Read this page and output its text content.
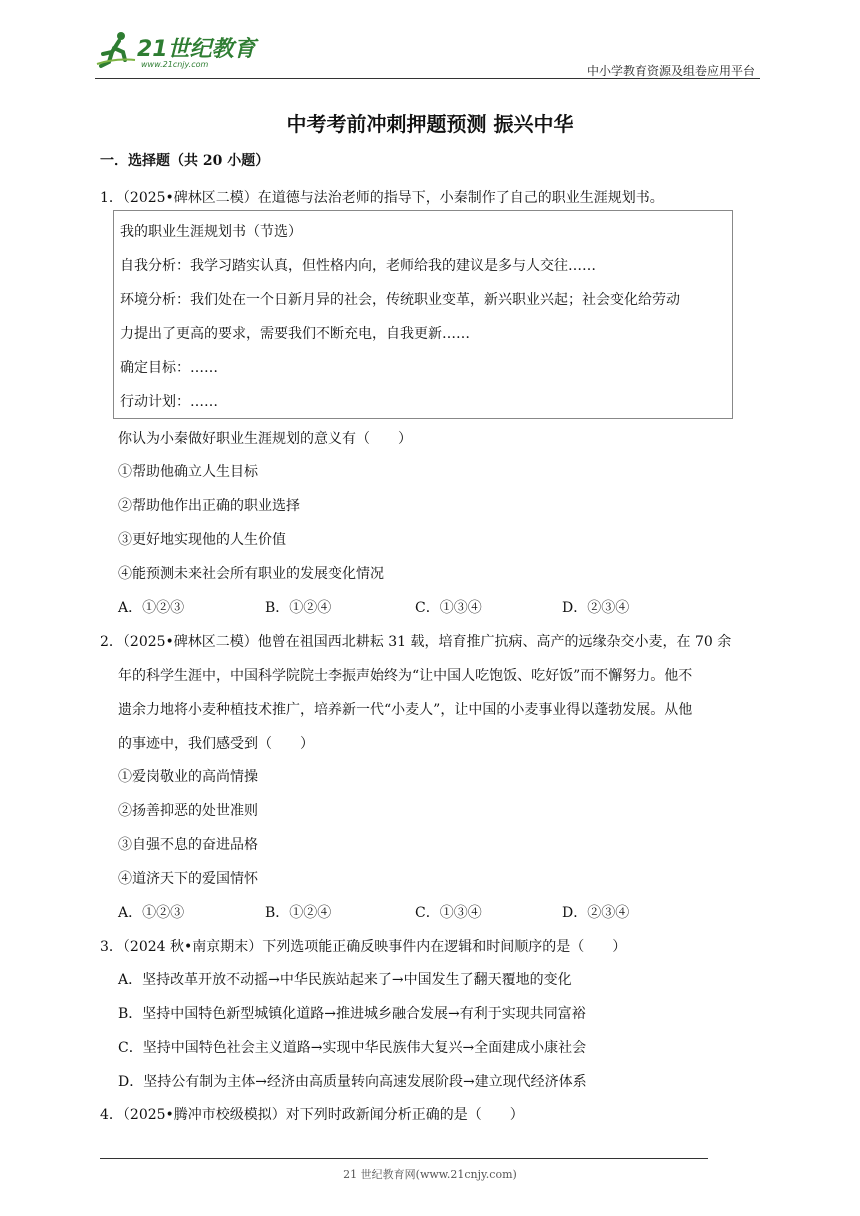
21世纪教育
www.21cnjy.com	中小学教育资源及组卷应用平台
中考考前冲刺押题预测 振兴中华
一．选择题（共 20 小题）
1．（2025•碑林区二模）在道德与法治老师的指导下，小秦制作了自己的职业生涯规划书。
我的职业生涯规划书（节选）
自我分析：我学习踏实认真，但性格内向，老师给我的建议是多与人交往……
环境分析：我们处在一个日新月异的社会，传统职业变革，新兴职业兴起；社会变化给劳动
力提出了更高的要求，需要我们不断充电，自我更新……
确定目标：……
行动计划：……
你认为小秦做好职业生涯规划的意义有（　　）
①帮助他确立人生目标
②帮助他作出正确的职业选择
③更好地实现他的人生价值
④能预测未来社会所有职业的发展变化情况
A．①②③	B．①②④	C．①③④	D．②③④
2．（2025•碑林区二模）他曾在祖国西北耕耘 31 载，培育推广抗病、高产的远缘杂交小麦，在 70 余
年的科学生涯中，中国科学院院士李振声始终为“让中国人吃饱饭、吃好饭”而不懈努力。他不
遗余力地将小麦种植技术推广，培养新一代“小麦人”，让中国的小麦事业得以蓬勃发展。从他
的事迹中，我们感受到（　　）
①爱岗敬业的高尚情操
②扬善抑恶的处世准则
③自强不息的奋进品格
④道济天下的爱国情怀
A．①②③	B．①②④	C．①③④	D．②③④
3．（2024 秋•南京期末）下列选项能正确反映事件内在逻辑和时间顺序的是（　　）
A．坚持改革开放不动摇→中华民族站起来了→中国发生了翻天覆地的变化
B．坚持中国特色新型城镇化道路→推进城乡融合发展→有利于实现共同富裕
C．坚持中国特色社会主义道路→实现中华民族伟大复兴→全面建成小康社会
D．坚持公有制为主体→经济由高质量转向高速发展阶段→建立现代经济体系
4．（2025•腾冲市校级模拟）对下列时政新闻分析正确的是（　　）
21 世纪教育网(www.21cnjy.com)
